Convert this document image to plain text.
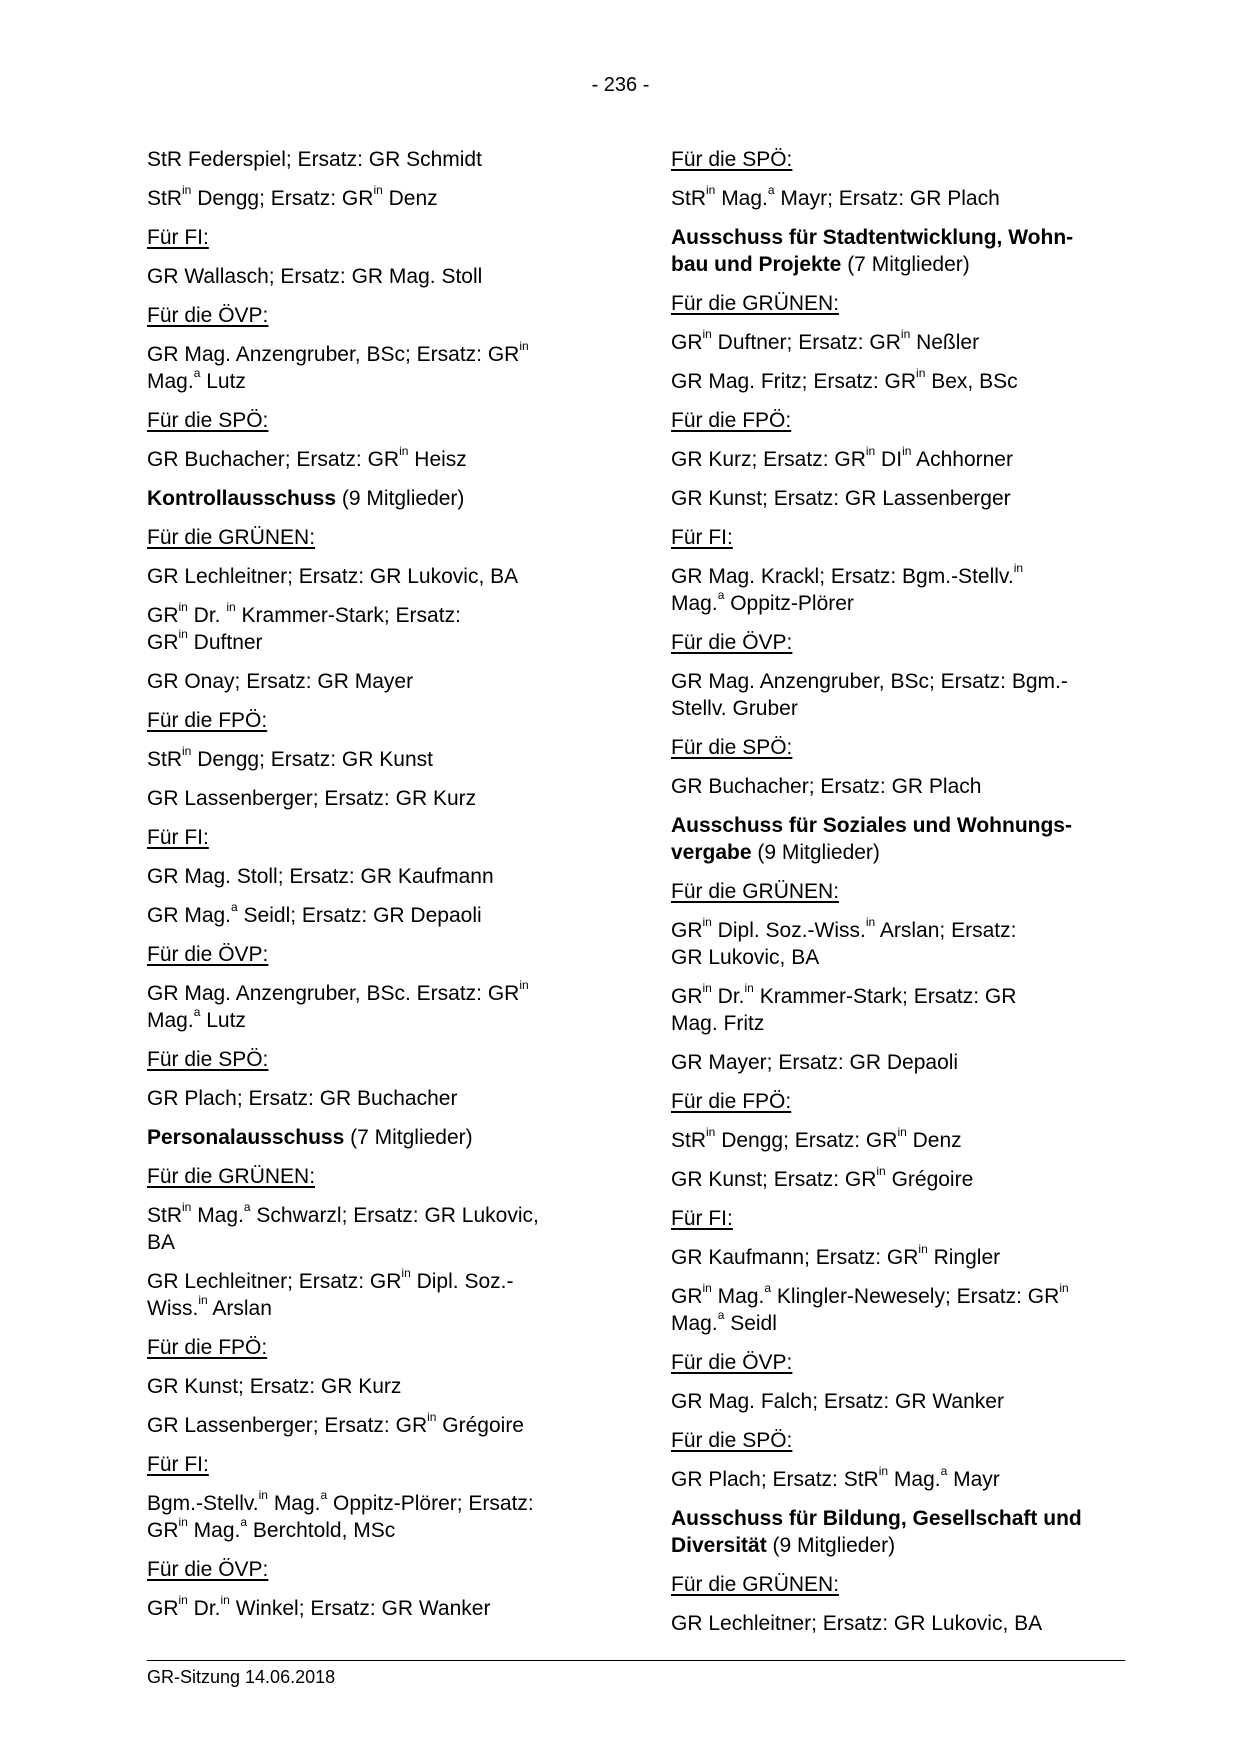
- 236 -
StR Federspiel; Ersatz: GR Schmidt
StR$^{in}$ Dengg; Ersatz: $GR^{in}$ Denz
Für FI:
GR Wallasch; Ersatz: GR Mag. Stoll
Für die ÖVP:
GR Mag. Anzengruber, BSc; Ersatz: $GR^{in}$
Mag.$^a$ Lutz
Für die SPÖ:
GR Buchacher; Ersatz: $GR^{in}$ Heisz
Kontrollausschuss (9 Mitglieder)
Für die GRÜNEN:
GR Lechleitner; Ersatz: GR Lukovic, BA
$GR^{in}$ Dr. $^{in}$ Krammer-Stark; Ersatz:
$GR^{in}$ Duftner
GR Onay; Ersatz: GR Mayer
Für die FPÖ:
StR$^{in}$ Dengg; Ersatz: GR Kunst
GR Lassenberger; Ersatz: GR Kurz
Für FI:
GR Mag. Stoll; Ersatz: GR Kaufmann
GR Mag.$^a$ Seidl; Ersatz: GR Depaoli
Für die ÖVP:
GR Mag. Anzengruber, BSc. Ersatz: $GR^{in}$
Mag.$^a$ Lutz
Für die SPÖ:
GR Plach; Ersatz: GR Buchacher
Personalausschuss (7 Mitglieder)
Für die GRÜNEN:
StR$^{in}$ Mag.$^a$ Schwarzl; Ersatz: GR Lukovic,
BA
GR Lechleitner; Ersatz: $GR^{in}$ Dipl. Soz.-
Wiss.$^{in}$ Arslan
Für die FPÖ:
GR Kunst; Ersatz: GR Kurz
GR Lassenberger; Ersatz: $GR^{in}$ Grégoire
Für FI:
Bgm.-Stellv.$^{in}$ Mag.$^a$ Oppitz-Plörer; Ersatz:
$GR^{in}$ Mag.$^a$ Berchtold, MSc
Für die ÖVP:
$GR^{in}$ Dr.$^{in}$ Winkel; Ersatz: GR Wanker
Für die SPÖ:
StR$^{in}$ Mag.$^a$ Mayr; Ersatz: GR Plach
Ausschuss für Stadtentwicklung, Wohn-
bau und Projekte (7 Mitglieder)
Für die GRÜNEN:
$GR^{in}$ Duftner; Ersatz: $GR^{in}$ Neßler
GR Mag. Fritz; Ersatz: $GR^{in}$ Bex, BSc
Für die FPÖ:
GR Kurz; Ersatz: $GR^{in}$ $DI^{in}$ Achhorner
GR Kunst; Ersatz: GR Lassenberger
Für FI:
GR Mag. Krackl; Ersatz: Bgm.-Stellv.$^{in}$
Mag.$^a$ Oppitz-Plörer
Für die ÖVP:
GR Mag. Anzengruber, BSc; Ersatz: Bgm.-
Stellv. Gruber
Für die SPÖ:
GR Buchacher; Ersatz: GR Plach
Ausschuss für Soziales und Wohnungs-
vergabe (9 Mitglieder)
Für die GRÜNEN:
$GR^{in}$ Dipl. Soz.-Wiss.$^{in}$ Arslan; Ersatz:
GR Lukovic, BA
$GR^{in}$ Dr.$^{in}$ Krammer-Stark; Ersatz: GR
Mag. Fritz
GR Mayer; Ersatz: GR Depaoli
Für die FPÖ:
StR$^{in}$ Dengg; Ersatz: $GR^{in}$ Denz
GR Kunst; Ersatz: $GR^{in}$ Grégoire
Für FI:
GR Kaufmann; Ersatz: $GR^{in}$ Ringler
$GR^{in}$ Mag.$^a$ Klingler-Newesely; Ersatz: $GR^{in}$
Mag.$^a$ Seidl
Für die ÖVP:
GR Mag. Falch; Ersatz: GR Wanker
Für die SPÖ:
GR Plach; Ersatz: StR$^{in}$ Mag.$^a$ Mayr
Ausschuss für Bildung, Gesellschaft und
Diversität (9 Mitglieder)
Für die GRÜNEN:
GR Lechleitner; Ersatz: GR Lukovic, BA
GR-Sitzung 14.06.2018
